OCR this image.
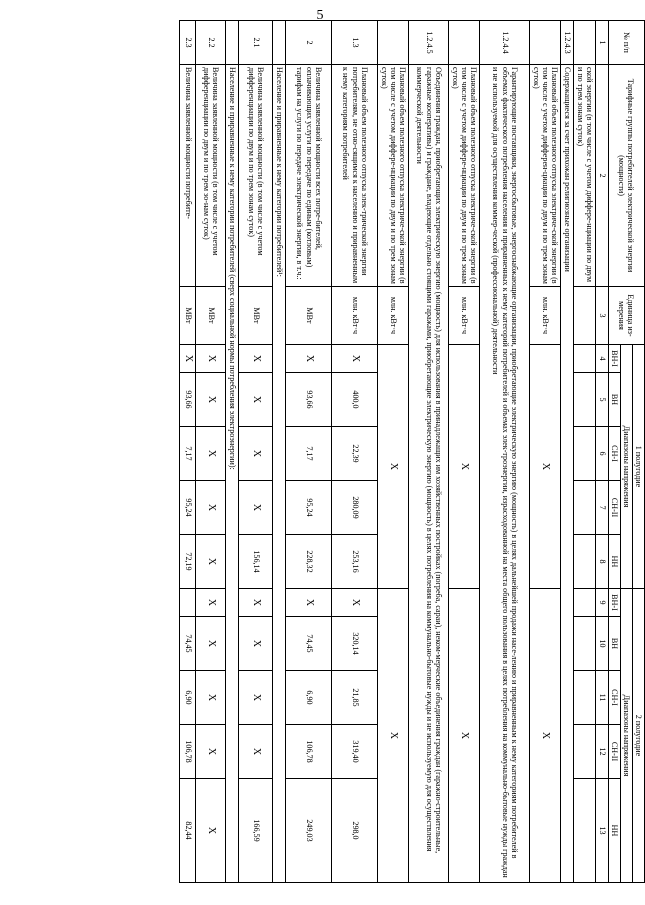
5
№ п/п	Тарифные группы потребителей электрической энергии (мощности)	Единица из-мерения	1 полугодие					2 полугодие				
			Диапазоны напряжения					Диапазоны напряжения				
			ВН-I	ВН	СН-I	СН-II	НН	ВН-I	ВН	СН-I	СН-II	НН
1	2	3	4	5	6	7	8	9	10	11	12	13
	ской энергии (в том числе с учетом диффере-нциации по двум и по трем зонам суток)											
1.2.4.3	Содержащиеся за счет прихожан религиозные организации											
	Плановый объем полезного отпуска электриче-ской энергии (в том числе с учетом дифферен-циации по двум и по трем зонам суток)	млн. кВт·ч	X					X				
1.2.4.4	Гарантирующие поставщики, энергосбытовые, энергоснабжающие организации, приобретающие электрическую энергию (мощность) в целях дальнейшей продажи насе-лению и приравненным к нему категориям потребителей в объемах фактического потребления населения и приравненных к нему категорий потребителей и объемах элек-троэнергии, израсходованной на места общего пользования в целях потребления на коммунально-бытовые нужды граждан и не используемой для осуществления коммер-ческой (профессиональной) деятельности											
	Плановый объем полезного отпуска электриче-ской энергии (в том числе с учетом диффере-нциации по двум и по трем зонам суток)	млн. кВт·ч	X					X				
1.2.4.5	Объединения граждан, приобретающих электрическую энергию (мощность) для использования в принадлежащих им хозяйственных постройках (погреба, сараи), неком-мерческие объединения граждан (гаражно-строительные, гаражные кооперативы) и граждане, владеющие отдельно стоящими гаражами, приобретающие электрическую энергию (мощность) в целях потребления на коммунально-бытовые нужды и не используемую для осуществления коммерческой деятельности											
	Плановый объем полезного отпуска электриче-ской энергии (в том числе с учетом диффере-нциации по двум и по трем зонам суток)	млн. кВт·ч	X					X				
1.3	Плановый объем полезного отпуска элек-трической энергии потребителям, не отно-сящимся к населению и приравненным к нему категориям потребителей	млн. кВт·ч	X	400,0	22,39	280,09	253,16	X	320,14	21,85	319,40	298,0
2	Величина заявленной мощности всех потре-бителей, оплачивающих услуги по передаче по единым (котловым) тарифам на услуги по передаче электрической энергии, в т.ч.:	МВт	X	93,66	7,17	95,24	228,32	X	74,45	6,90	106,78	249,03
	Население и приравненные к нему категории потребителей¹:											
2.1	Величина заявленной мощности (в том числе с учетом дифференциации по двум и по трем зонам суток)	МВт	X	X	X	X	156,14	X	X	X	X	166,59
	Население и приравненные к нему категории потребителей (сверх социальной нормы потребления электроэнергии):											
2.2	Величина заявленной мощности (в том числе с учетом дифференциации по двум и по трем зо-нам суток)	МВт	X	X	X	X	X	X	X	X	X	X
2.3	Величина заявленной мощности потребите-	МВт	X	93,66	7,17	95,24	72,19		74,45	6,90	106,78	82,44
